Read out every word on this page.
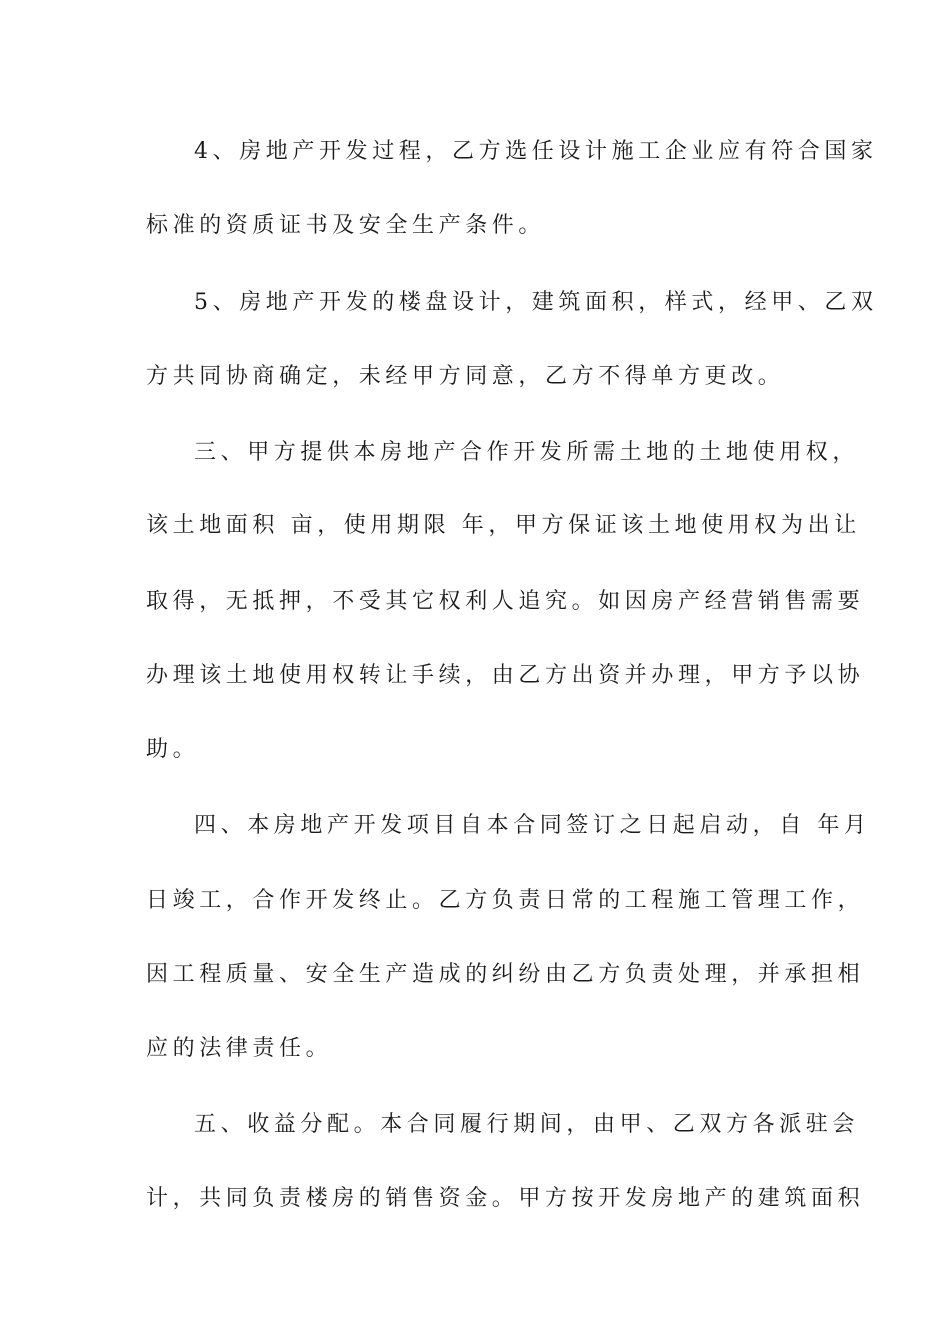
4、房地产开发过程，乙方选任设计施工企业应有符合国家
标准的资质证书及安全生产条件。
5、房地产开发的楼盘设计，建筑面积，样式，经甲、乙双
方共同协商确定，未经甲方同意，乙方不得单方更改。
三、甲方提供本房地产合作开发所需土地的土地使用权，
该土地面积 亩，使用期限 年，甲方保证该土地使用权为出让
取得，无抵押，不受其它权利人追究。如因房产经营销售需要
办理该土地使用权转让手续，由乙方出资并办理，甲方予以协
助。
四、本房地产开发项目自本合同签订之日起启动，自 年月
日竣工，合作开发终止。乙方负责日常的工程施工管理工作，
因工程质量、安全生产造成的纠纷由乙方负责处理，并承担相
应的法律责任。
五、收益分配。本合同履行期间，由甲、乙双方各派驻会
计，共同负责楼房的销售资金。甲方按开发房地产的建筑面积
